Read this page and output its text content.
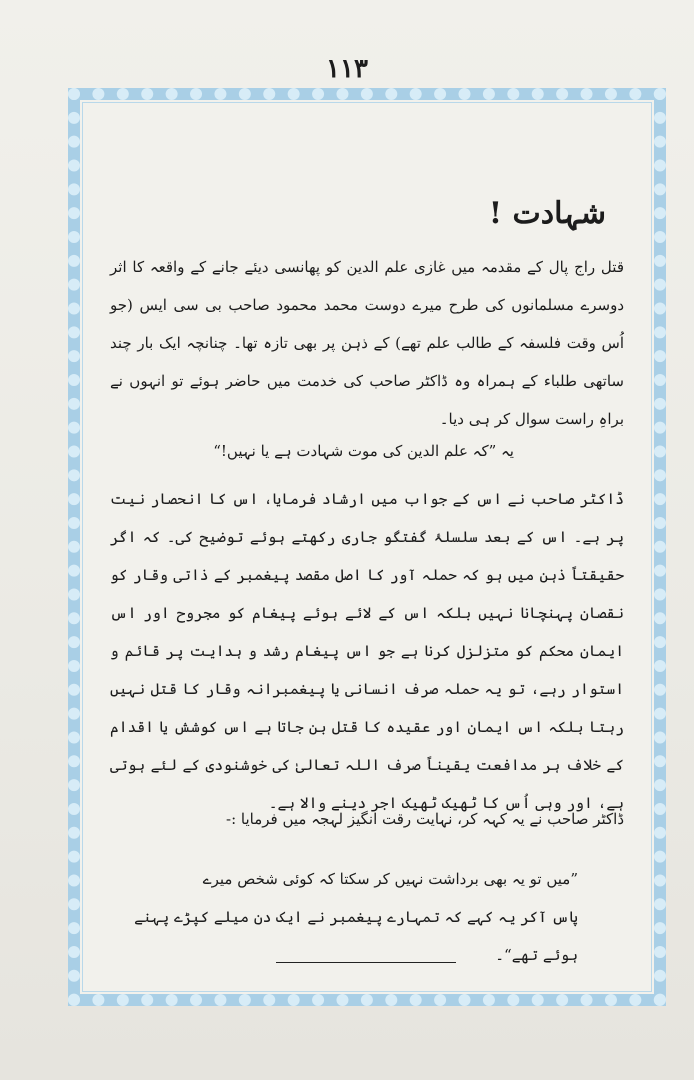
۱۱۳
شہادت !

قتل راج پال کے مقدمہ میں غازی علم الدین کو پھانسی دیئے جانے کے واقعہ کا اثر دوسرے مسلمانوں کی طرح میرے دوست محمد محمود صاحب بی سی ایس (جو اُس وقت فلسفہ کے طالب علم تھے) کے ذہن پر بھی تازہ تھا۔ چنانچہ ایک بار چند ساتھی طلباء کے ہمراہ وہ ڈاکٹر صاحب کی خدمت میں حاضر ہوئے تو انہوں نے براہِ راست سوال کر ہی دیا۔

یہ ”کہ علم الدین کی موت شہادت ہے یا نہیں!“

ڈاکٹر صاحب نے اس کے جواب میں ارشاد فرمایا، اس کا انحصار نیت پر ہے۔ اس کے بعد سلسلۂ گفتگو جاری رکھتے ہوئے توضیح کی۔ کہ اگر حقیقتاً ذہن میں ہو کہ حملہ آور کا اصل مقصد پیغمبر کے ذاتی وقار کو نقصان پہنچانا نہیں بلکہ اس کے لائے ہوئے پیغام کو مجروح اور اس ایمان محکم کو متزلزل کرنا ہے جو اس پیغام رشد و ہدایت پر قائم و استوار رہے، تو یہ حملہ صرف انسانی یا پیغمبرانہ وقار کا قتل نہیں رہتا بلکہ اس ایمان اور عقیدہ کا قتل بن جاتا ہے اس کوشش یا اقدام کے خلاف ہر مدافعت یقیناً صرف اللہ تعالیٰ کی خوشنودی کے لئے ہوتی ہے، اور وہی اُس کا ٹھیک ٹھیک اجر دینے والا ہے۔

ڈاکٹر صاحب نے یہ کہہ کر، نہایت رقت انگیز لہجہ میں فرمایا :-

”میں تو یہ بھی برداشت نہیں کر سکتا کہ کوئی شخص میرے
پاس آکر یہ کہے کہ تمہارے پیغمبر نے ایک دن میلے کپڑے پہنے ہوئے تھے“۔
